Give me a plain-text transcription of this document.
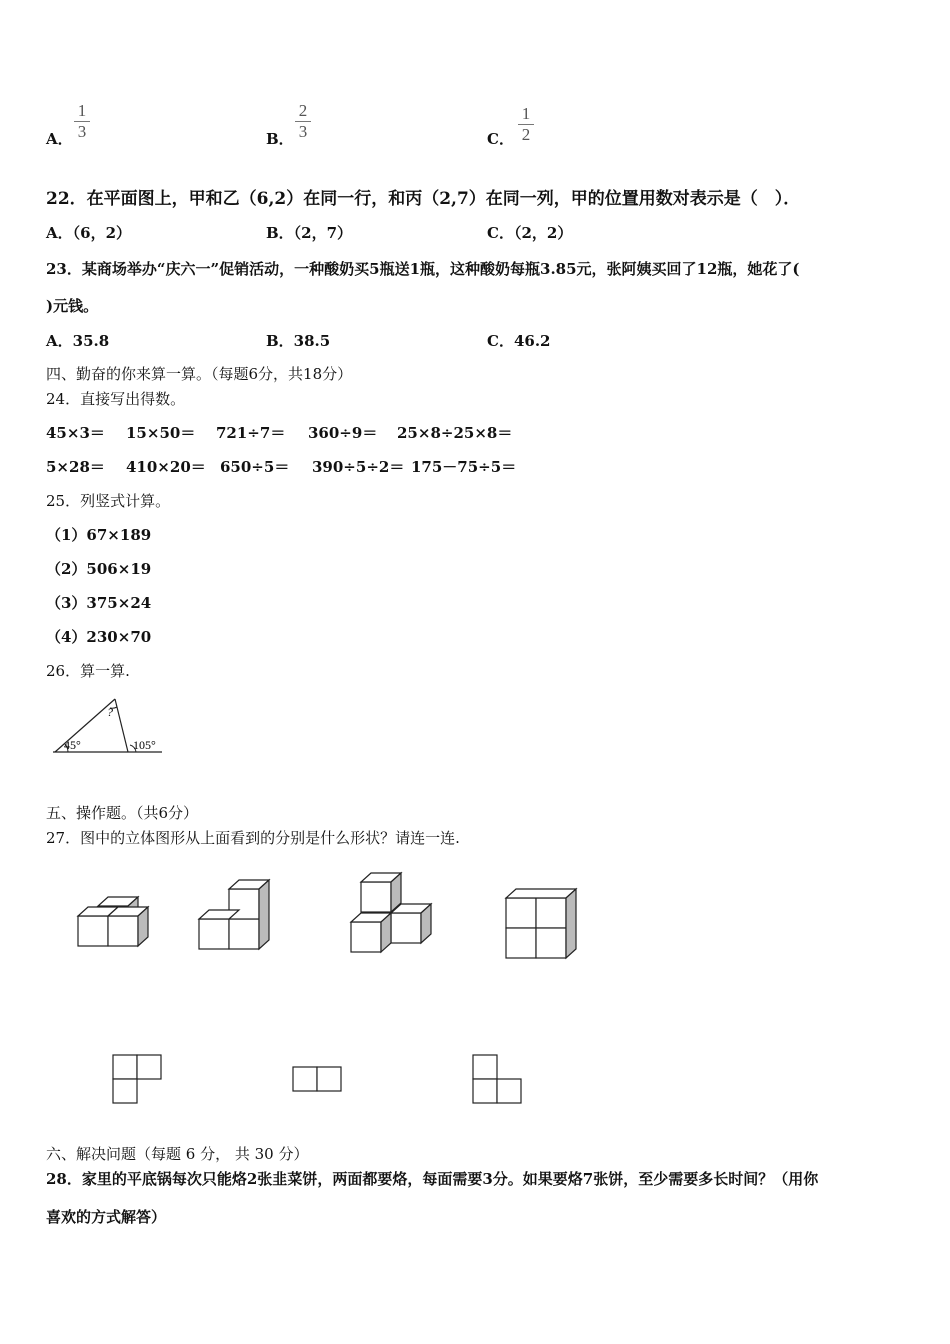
A．
1
3	B．
2
3	C．
1
2
22．在平面图上，甲和乙（6,2）在同一行，和丙（2,7）在同一列，甲的位置用数对表示是（　）．
A．（6，2）	B．（2，7）	C．（2，2）
23．某商场举办“庆六一”促销活动，一种酸奶买5瓶送1瓶，这种酸奶每瓶3.85元，张阿姨买回了12瓶，她花了(
)元钱。
A．35.8	B．38.5	C．46.2
四、勤奋的你来算一算。（每题6分，共18分）
24．直接写出得数。
45×3＝ 15×50＝ 721÷7＝ 360÷9＝ 25×8÷25×8＝
5×28＝ 410×20＝ 650÷5＝ 390÷5÷2＝ 175－75÷5＝
25．列竖式计算。
（1）67×189
（2）506×19
（3）375×24
（4）230×70
26．算一算.
45°
?
105°
五、操作题。（共6分）
27．图中的立体图形从上面看到的分别是什么形状？请连一连.
六、解决问题（每题 6 分， 共 30 分）
28．家里的平底锅每次只能烙2张韭菜饼，两面都要烙，每面需要3分。如果要烙7张饼，至少需要多长时间？（用你
喜欢的方式解答）
